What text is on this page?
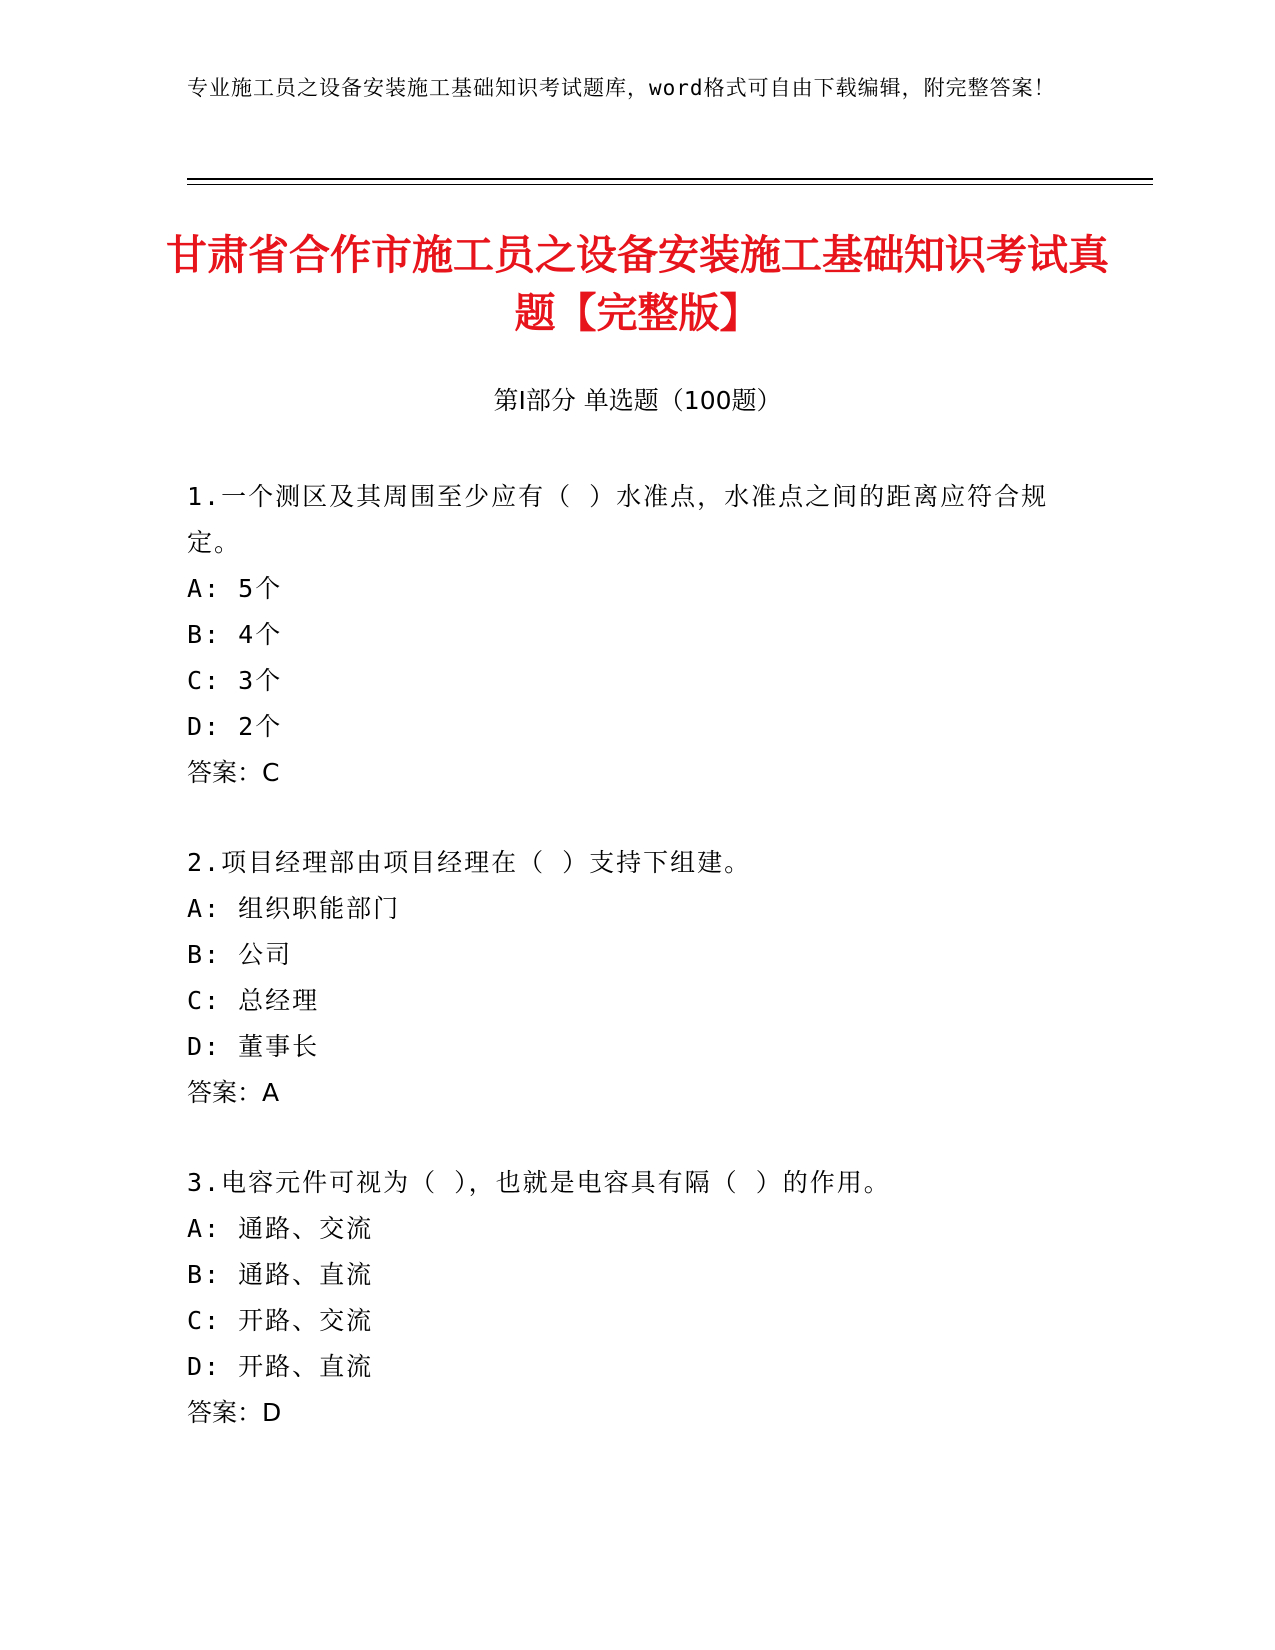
专业施工员之设备安装施工基础知识考试题库，word格式可自由下载编辑，附完整答案！
甘肃省合作市施工员之设备安装施工基础知识考试真题【完整版】
第Ⅰ部分 单选题（100题）
1.一个测区及其周围至少应有（ ）水准点，水准点之间的距离应符合规定。
A: 5个
B: 4个
C: 3个
D: 2个
答案：C
2.项目经理部由项目经理在（ ）支持下组建。
A: 组织职能部门
B: 公司
C: 总经理
D: 董事长
答案：A
3.电容元件可视为（ ），也就是电容具有隔（ ）的作用。
A: 通路、交流
B: 通路、直流
C: 开路、交流
D: 开路、直流
答案：D
